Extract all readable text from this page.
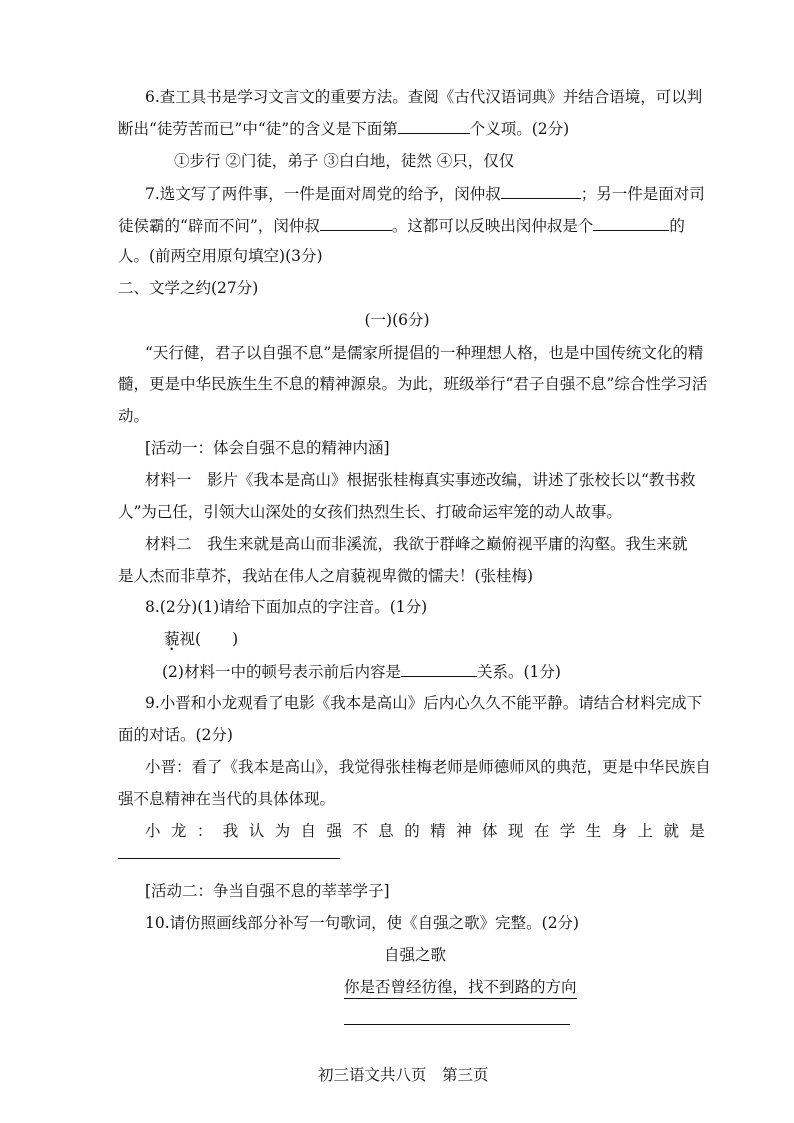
6.查工具书是学习文言文的重要方法。查阅《古代汉语词典》并结合语境，可以判
断出“徒劳苦而已”中“徒”的含义是下面第	个义项。(2分)
①步行 ②门徒，弟子 ③白白地，徒然 ④只，仅仅
7.选文写了两件事，一件是面对周党的给予，闵仲叔	；另一件是面对司
徒侯霸的“辟而不问”，闵仲叔	。这都可以反映出闵仲叔是个	的
人。(前两空用原句填空)(3分)
二、文学之约(27分)
(一)(6分)
“天行健，君子以自强不息”是儒家所提倡的一种理想人格，也是中国传统文化的精
髓，更是中华民族生生不息的精神源泉。为此，班级举行“君子自强不息”综合性学习活
动。
[活动一：体会自强不息的精神内涵]
材料一　影片《我本是高山》根据张桂梅真实事迹改编，讲述了张校长以“教书救
人”为己任，引领大山深处的女孩们热烈生长、打破命运牢笼的动人故事。
材料二　我生来就是高山而非溪流，我欲于群峰之巅俯视平庸的沟壑。我生来就
是人杰而非草芥，我站在伟人之肩藐视卑微的懦夫！(张桂梅)
8.(2分)(1)请给下面加点的字注音。(1分)
藐视(　　)
(2)材料一中的顿号表示前后内容是	关系。(1分)
9.小晋和小龙观看了电影《我本是高山》后内心久久不能平静。请结合材料完成下
面的对话。(2分)
小晋：看了《我本是高山》，我觉得张桂梅老师是师德师风的典范，更是中华民族自
强不息精神在当代的具体体现。
小 龙 ： 我 认 为 自 强 不 息 的 精 神 体 现 在 学 生 身 上 就 是
[活动二：争当自强不息的莘莘学子]
10.请仿照画线部分补写一句歌词，使《自强之歌》完整。(2分)
自强之歌
你是否曾经彷徨，找不到路的方向
初三语文共八页　第三页
